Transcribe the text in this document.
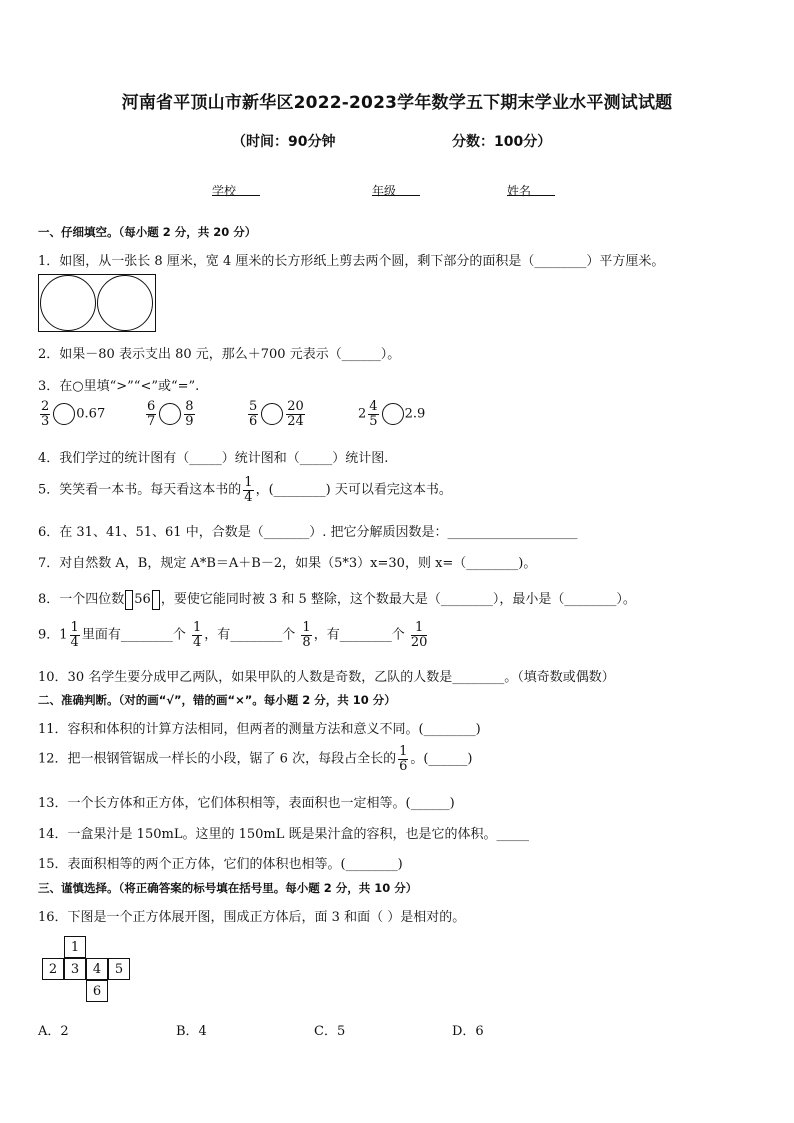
河南省平顶山市新华区2022-2023学年数学五下期末学业水平测试试题
（时间：90分钟	分数：100分）
学校	年级	姓名
一、仔细填空。（每小题 2 分，共 20 分）
1．如图，从一张长 8 厘米，宽 4 厘米的长方形纸上剪去两个圆，剩下部分的面积是（________）平方厘米。
2．如果－80 表示支出 80 元，那么＋700 元表示（______）。
3．在○里填“>”“<”或“=”.
$\frac{2}{3} 0.67$	$\frac{6}{7} \frac{8}{9}$	$\frac{5}{6} \frac{20}{24}$	$2 \frac{4}{5} 2.9$
4．我们学过的统计图有（_____）统计图和（_____）统计图.
5．笑笑看一本书。每天看这本书的 $\frac{1}{4}$ ，(________) 天可以看完这本书。
6．在 31、41、51、61 中，合数是（_______）. 把它分解质因数是：____________________
7．对自然数 A，B，规定 A*B＝A＋B－2，如果（5*3）x=30，则 x=（________)。
8．一个四位数 56 ，要使它能同时被 3 和 5 整除，这个数最大是（________），最小是（________）。
9．$1 \frac{1}{4}$ 里面有________个 $\frac{1}{4}$ ，有________个 $\frac{1}{8}$ ，有________个 $\frac{1}{20}$
10．30 名学生要分成甲乙两队，如果甲队的人数是奇数，乙队的人数是________。（填奇数或偶数）
二、准确判断。（对的画“√”，错的画“×”。每小题 2 分，共 10 分）
11．容积和体积的计算方法相同，但两者的测量方法和意义不同。(________)
12．把一根钢管锯成一样长的小段，锯了 6 次，每段占全长的 $\frac{1}{6}$ 。(______)
13．一个长方体和正方体，它们体积相等，表面积也一定相等。(______)
14．一盒果汁是 150mL。这里的 150mL 既是果汁盒的容积，也是它的体积。_____
15．表面积相等的两个正方体，它们的体积也相等。(________)
三、谨慎选择。（将正确答案的标号填在括号里。每小题 2 分，共 10 分）
16．下图是一个正方体展开图，围成正方体后，面 3 和面（ ）是相对的。
1
2	3	4	5
6
A．2	B．4	C．5	D．6
